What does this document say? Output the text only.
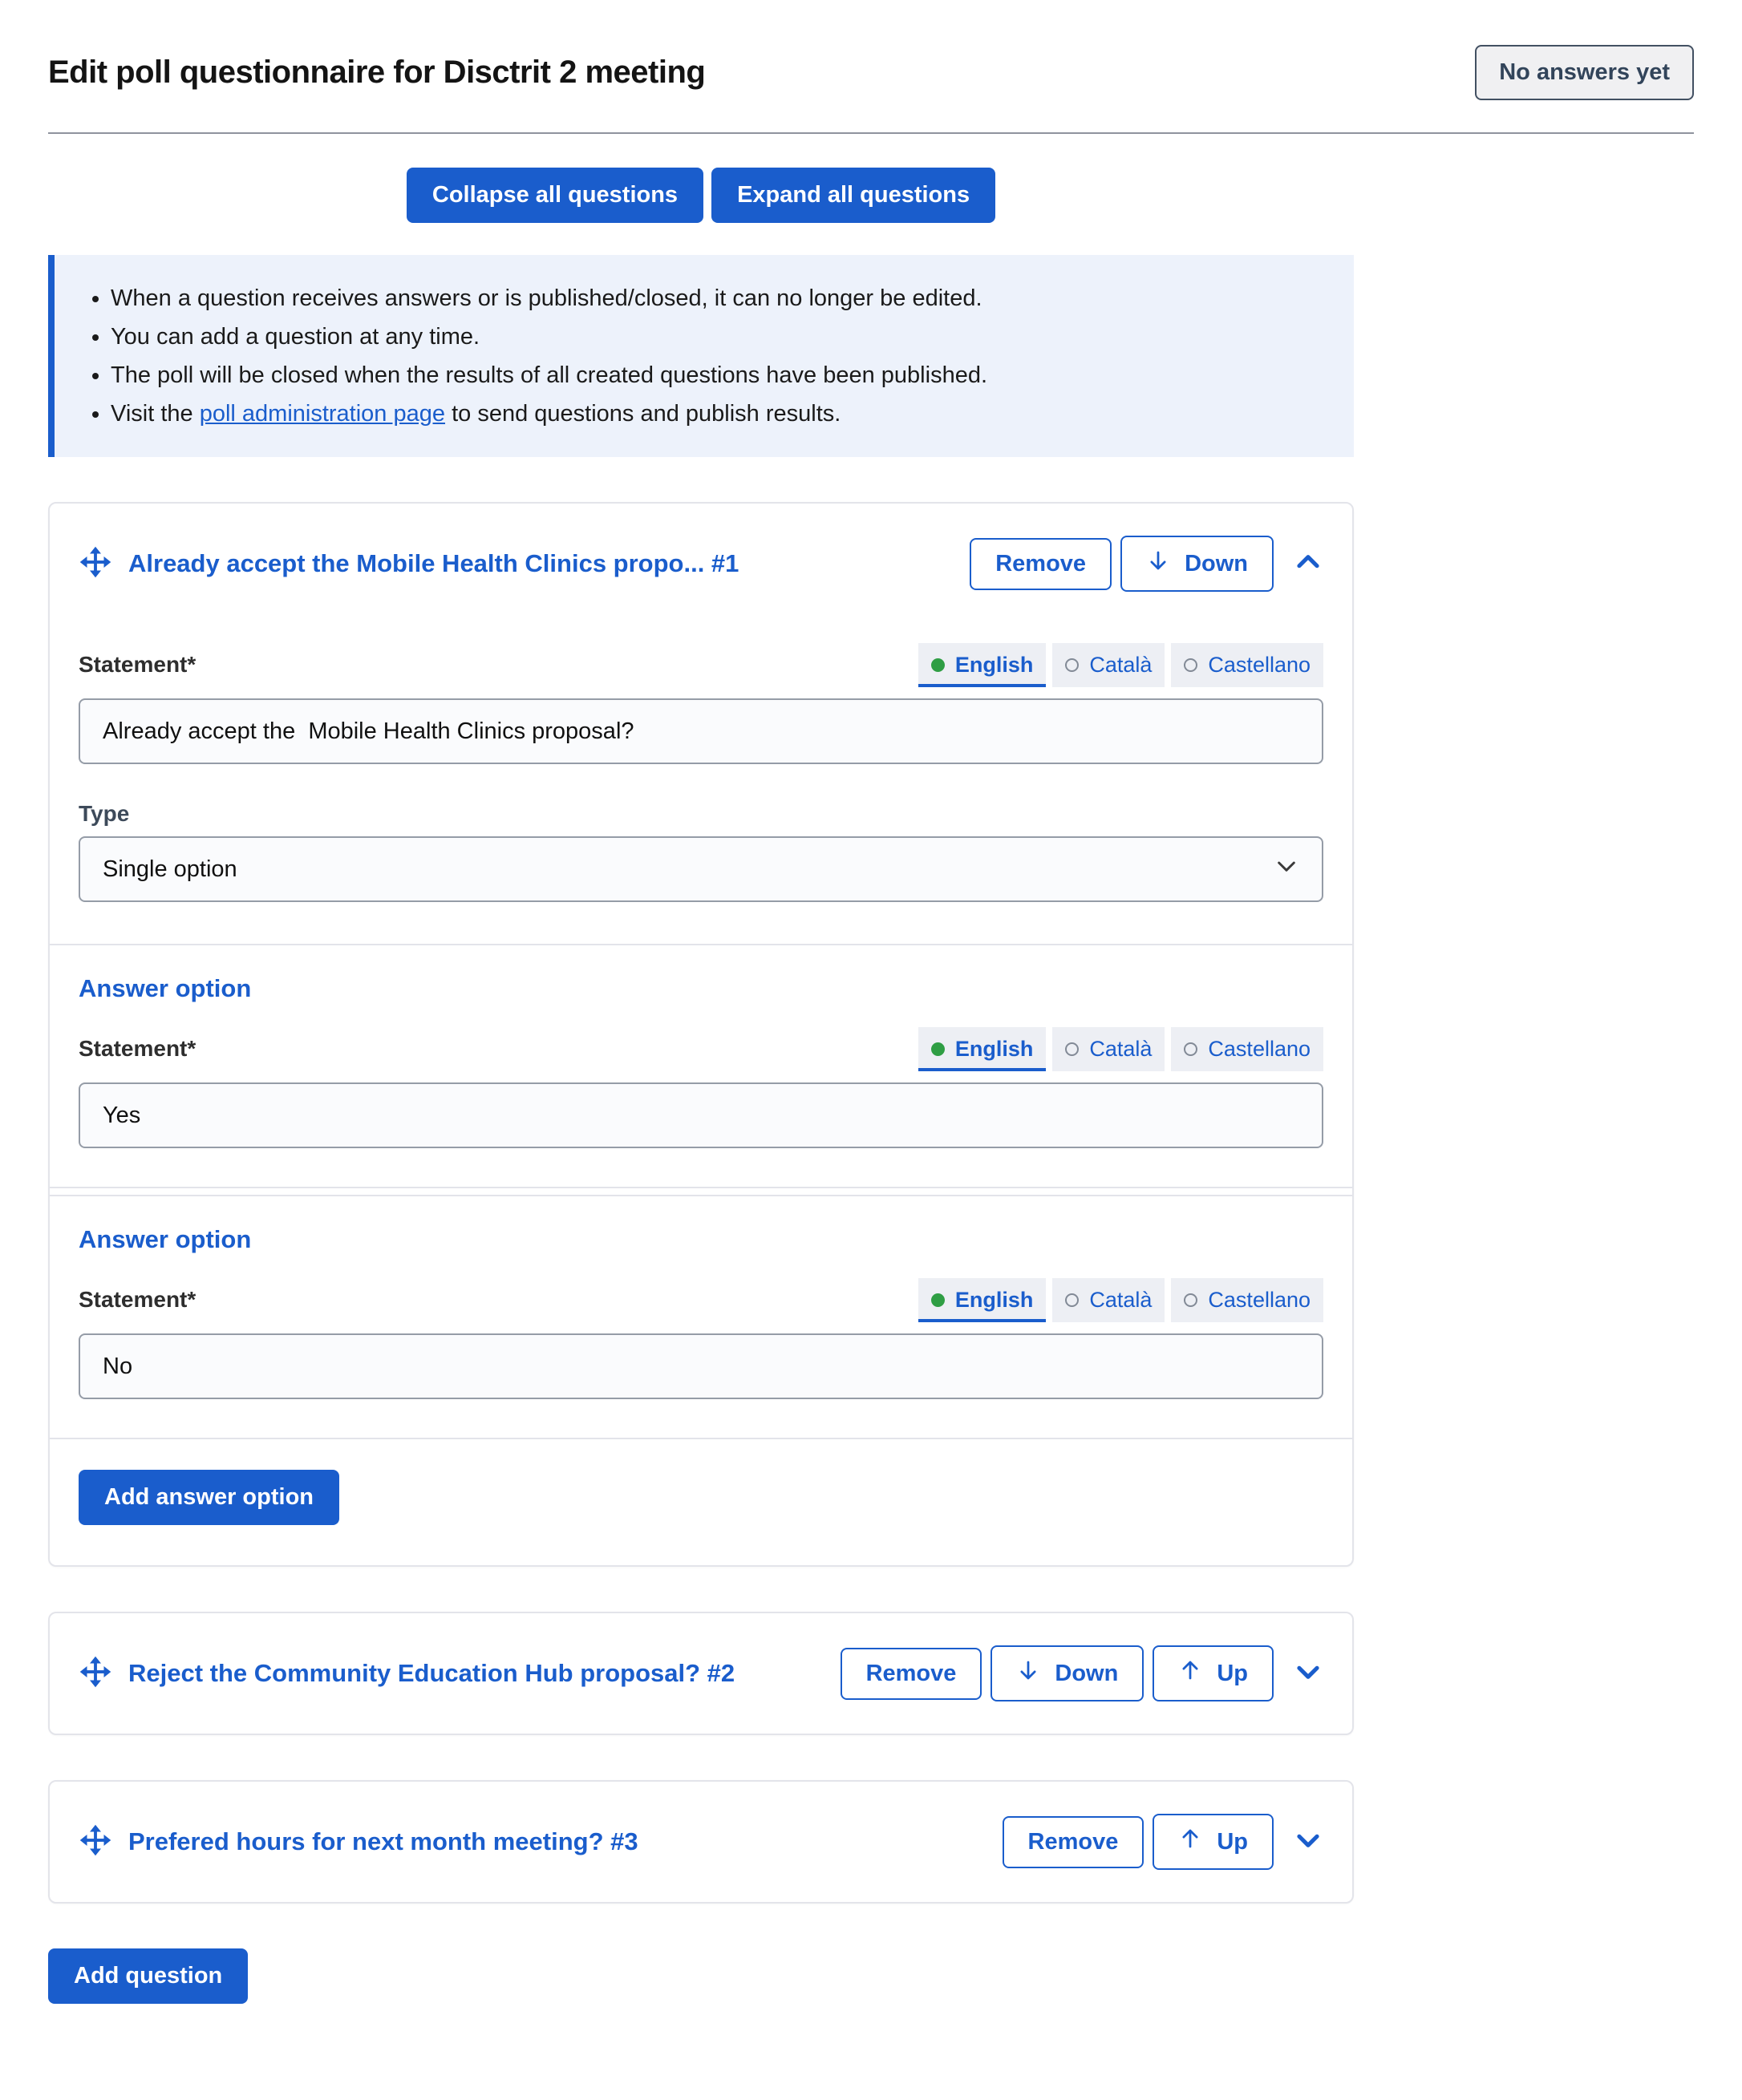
Edit poll questionnaire for Disctrit 2 meeting	No answers yet
Collapse all questions	Expand all questions
• When a question receives answers or is published/closed, it can no longer be edited.
• You can add a question at any time.
• The poll will be closed when the results of all created questions have been published.
• Visit the poll administration page to send questions and publish results.
Already accept the Mobile Health Clinics propo... #1	Remove	Down
Statement*	English	Català	Castellano
Already accept the Mobile Health Clinics proposal?
Type
Single option
Answer option
Statement*	English	Català	Castellano
Yes
Answer option
Statement*	English	Català	Castellano
No
Add answer option
Reject the Community Education Hub proposal? #2	Remove	Down	Up
Prefered hours for next month meeting? #3	Remove	Up
Add question
